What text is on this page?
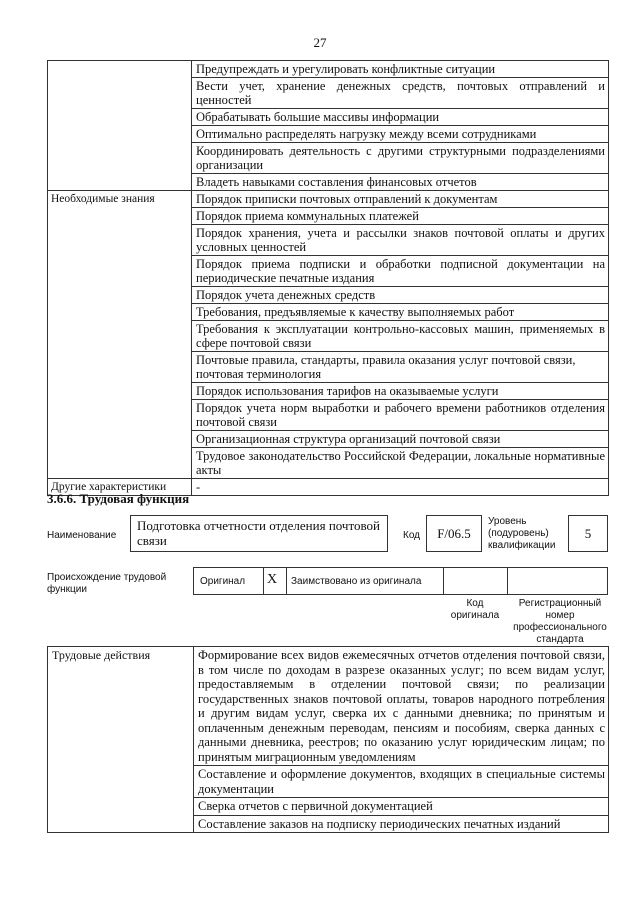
27
	Предупреждать и урегулировать конфликтные ситуации
	Вести учет, хранение денежных средств, почтовых отправлений и ценностей
	Обрабатывать большие массивы информации
	Оптимально распределять нагрузку между всеми сотрудниками
	Координировать деятельность с другими структурными подразделениями организации
	Владеть навыками составления финансовых отчетов
Необходимые знания	Порядок приписки почтовых отправлений к документам
	Порядок приема коммунальных платежей
	Порядок хранения, учета и рассылки знаков почтовой оплаты и других условных ценностей
	Порядок приема подписки и обработки подписной документации на периодические печатные издания
	Порядок учета денежных средств
	Требования, предъявляемые к качеству выполняемых работ
	Требования к эксплуатации контрольно-кассовых машин, применяемых в сфере почтовой связи
	Почтовые правила, стандарты, правила оказания услуг почтовой связи, почтовая терминология
	Порядок использования тарифов на оказываемые услуги
	Порядок учета норм выработки и рабочего времени работников отделения почтовой связи
	Организационная структура организаций почтовой связи
	Трудовое законодательство Российской Федерации, локальные нормативные акты
Другие характеристики	-
3.6.6. Трудовая функция
Наименование
Подготовка отчетности отделения почтовой связи	Код	F/06.5
Уровень (подуровень) квалификации
5
Происхождение трудовой функции
Оригинал X Заимствовано из оригинала
Код оригинала
Регистрационный номер профессионального стандарта
Трудовые действия	Формирование всех видов ежемесячных отчетов отделения почтовой связи, в том числе по доходам в разрезе оказанных услуг; по всем видам услуг, предоставляемым в отделении почтовой связи; по реализации государственных знаков почтовой оплаты, товаров народного потребления и другим видам услуг, сверка их с данными дневника; по принятым и оплаченным денежным переводам, пенсиям и пособиям, сверка данных с данными дневника, реестров; по оказанию услуг юридическим лицам; по принятым миграционным уведомлениям
Составление и оформление документов, входящих в специальные системы документации
Сверка отчетов с первичной документацией
Составление заказов на подписку периодических печатных изданий
